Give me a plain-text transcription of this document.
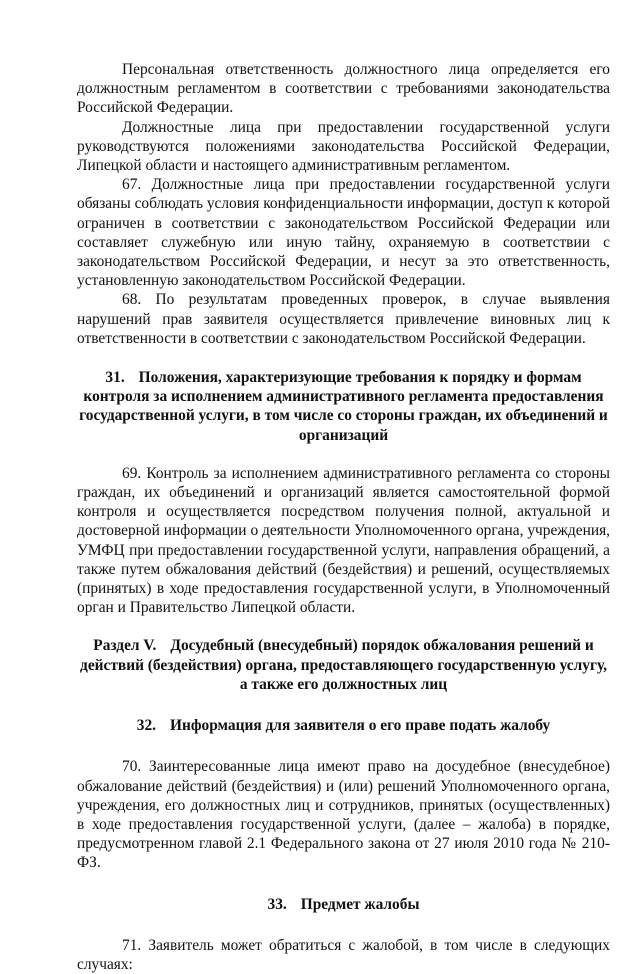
Персональная ответственность должностного лица определяется его должностным регламентом в соответствии с требованиями законодательства Российской Федерации.

Должностные лица при предоставлении государственной услуги руководствуются положениями законодательства Российской Федерации, Липецкой области и настоящего административным регламентом.

67. Должностные лица при предоставлении государственной услуги обязаны соблюдать условия конфиденциальности информации, доступ к которой ограничен в соответствии с законодательством Российской Федерации или составляет служебную или иную тайну, охраняемую в соответствии с законодательством Российской Федерации, и несут за это ответственность, установленную законодательством Российской Федерации.

68. По результатам проведенных проверок, в случае выявления нарушений прав заявителя осуществляется привлечение виновных лиц к ответственности в соответствии с законодательством Российской Федерации.

31. Положения, характеризующие требования к порядку и формам контроля за исполнением административного регламента предоставления государственной услуги, в том числе со стороны граждан, их объединений и организаций

69. Контроль за исполнением административного регламента со стороны граждан, их объединений и организаций является самостоятельной формой контроля и осуществляется посредством получения полной, актуальной и достоверной информации о деятельности Уполномоченного органа, учреждения, УМФЦ при предоставлении государственной услуги, направления обращений, а также путем обжалования действий (бездействия) и решений, осуществляемых (принятых) в ходе предоставления государственной услуги, в Уполномоченный орган и Правительство Липецкой области.

Раздел V. Досудебный (внесудебный) порядок обжалования решений и действий (бездействия) органа, предоставляющего государственную услугу, а также его должностных лиц

32. Информация для заявителя о его праве подать жалобу

70. Заинтересованные лица имеют право на досудебное (внесудебное) обжалование действий (бездействия) и (или) решений Уполномоченного органа, учреждения, его должностных лиц и сотрудников, принятых (осуществленных) в ходе предоставления государственной услуги, (далее – жалоба) в порядке, предусмотренном главой 2.1 Федерального закона от 27 июля 2010 года № 210-ФЗ.

33. Предмет жалобы

71. Заявитель может обратиться с жалобой, в том числе в следующих случаях:
